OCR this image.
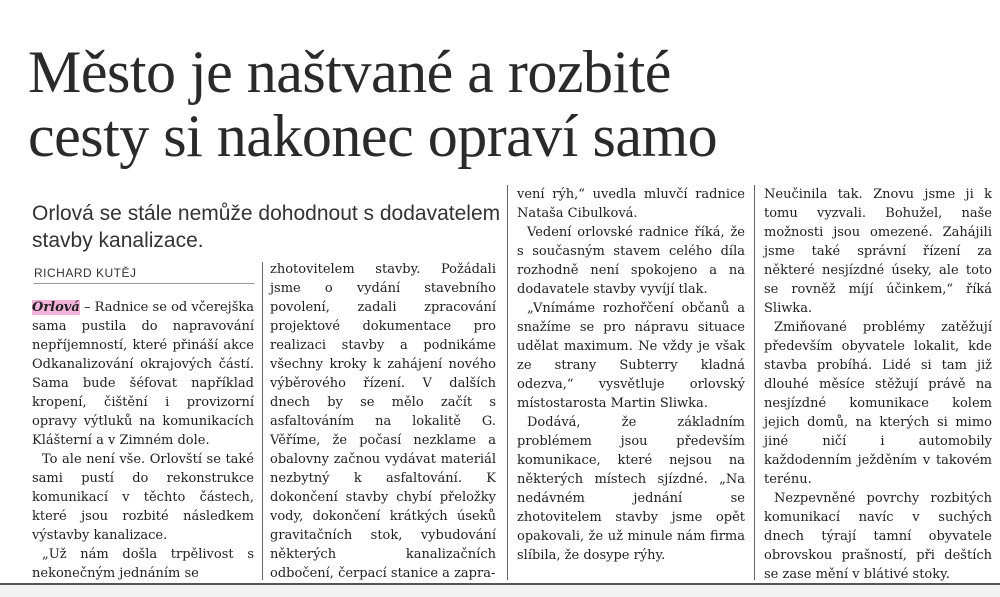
Město je naštvané a rozbité
cesty si nakonec opraví samo
Orlová se stále nemůže dohodnout s dodavatelem stavby kanalizace.
RICHARD KUTĚJ

Orlová – Radnice se od včerejška sama pustila do napravování nepříjemností, které přináší akce Odkanalizování okrajových částí. Sama bude šéfovat například kropení, čištění i provizorní opravy výtluků na komunikacích Klášterní a v Zimném dole.

To ale není vše. Orlovští se také sami pustí do rekonstrukce komunikací v těchto částech, které jsou rozbité následkem výstavby kanalizace.

„Už nám došla trpělivost s nekonečným jednáním se

zhotovitelem stavby. Požádali jsme o vydání stavebního povolení, zadali zpracování projektové dokumentace pro realizaci stavby a podnikáme všechny kroky k zahájení nového výběrového řízení. V dalších dnech by se mělo začít s asfaltováním na lokalitě G. Věříme, že počasí nezklame a obalovny začnou vydávat materiál nezbytný k asfaltování. K dokončení stavby chybí přeložky vody, dokončení krátkých úseků gravitačních stok, vybudování některých kanalizačních odbočení, čerpací stanice a zapra-

vení rýh,“ uvedla mluvčí radnice Nataša Cibulková.

Vedení orlovské radnice říká, že s současným stavem celého díla rozhodně není spokojeno a na dodavatele stavby vyvíjí tlak.

„Vnímáme rozhořčení občanů a snažíme se pro nápravu situace udělat maximum. Ne vždy je však ze strany Subterry kladná odezva,“ vysvětluje orlovský místostarosta Martin Sliwka.

Dodává, že základním problémem jsou především komunikace, které nejsou na některých místech sjízdné. „Na nedávném jednání se zhotovitelem stavby jsme opět opakovali, že už minule nám firma slíbila, že dosype rýhy.

Neučinila tak. Znovu jsme ji k tomu vyzvali. Bohužel, naše možnosti jsou omezené. Zahájili jsme také správní řízení za některé nesjízdné úseky, ale toto se rovněž míjí účinkem,“ říká Sliwka.

Zmiňované problémy zatěžují především obyvatele lokalit, kde stavba probíhá. Lidé si tam již dlouhé měsíce stěžují právě na nesjízdné komunikace kolem jejich domů, na kterých si mimo jiné ničí i automobily každodenním ježděním v takovém terénu.

Nezpevněné povrchy rozbitých komunikací navíc v suchých dnech týrají tamní obyvatele obrovskou prašností, při deštích se zase mění v blátivé stoky.
